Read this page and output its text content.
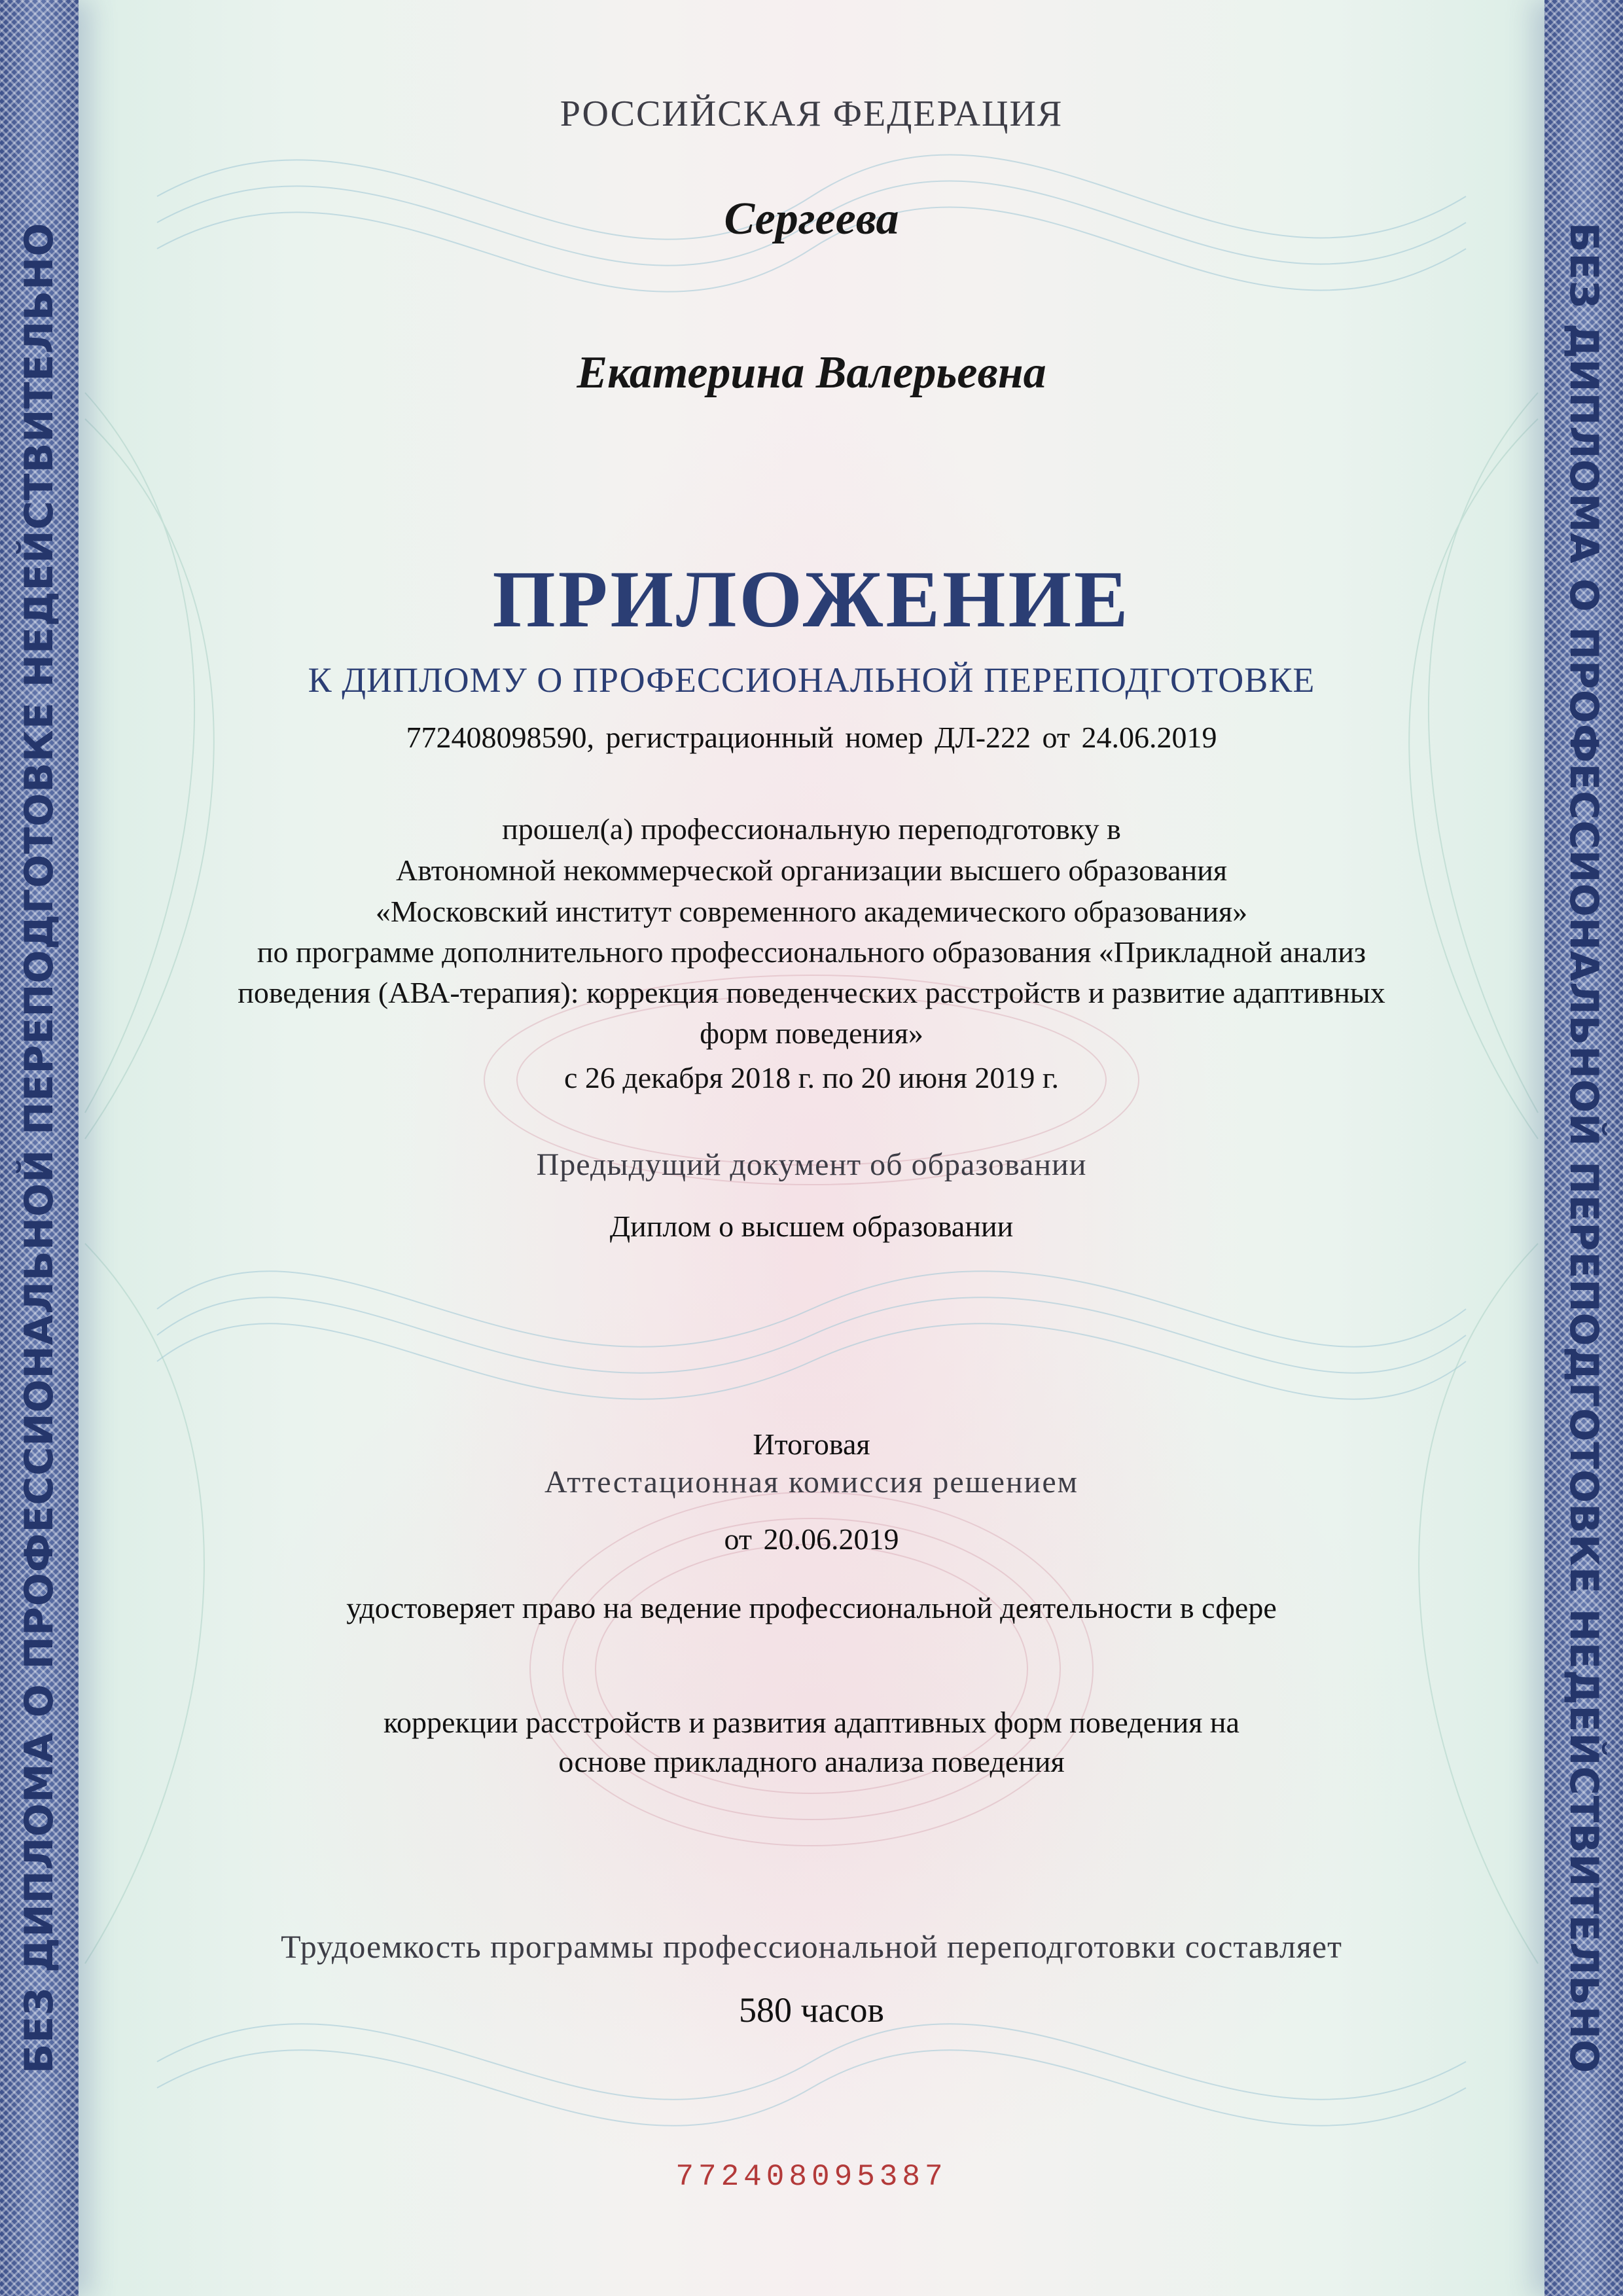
БЕЗ ДИПЛОМА О ПРОФЕССИОНАЛЬНОЙ ПЕРЕПОДГОТОВКЕ НЕДЕЙСТВИТЕЛЬНО	БЕЗ ДИПЛОМА О ПРОФЕССИОНАЛЬНОЙ ПЕРЕПОДГОТОВКЕ НЕДЕЙСТВИТЕЛЬНО
РОССИЙСКАЯ ФЕДЕРАЦИЯ
Сергеева
Екатерина Валерьевна
ПРИЛОЖЕНИЕ
К ДИПЛОМУ О ПРОФЕССИОНАЛЬНОЙ ПЕРЕПОДГОТОВКЕ
772408098590, регистрационный номер ДЛ-222 от 24.06.2019
прошел(а) профессиональную переподготовку в
Автономной некоммерческой организации высшего образования
«Московский институт современного академического образования»
по программе дополнительного профессионального образования «Прикладной анализ
поведения (АВА-терапия): коррекция поведенческих расстройств и развитие адаптивных
форм поведения»
с 26 декабря 2018 г. по 20 июня 2019 г.
Предыдущий документ об образовании
Диплом о высшем образовании
Итоговая
Аттестационная комиссия решением
от 20.06.2019
удостоверяет право на ведение профессиональной деятельности в сфере
коррекции расстройств и развития адаптивных форм поведения на
основе прикладного анализа поведения
Трудоемкость программы профессиональной переподготовки составляет
580 часов
772408095387
